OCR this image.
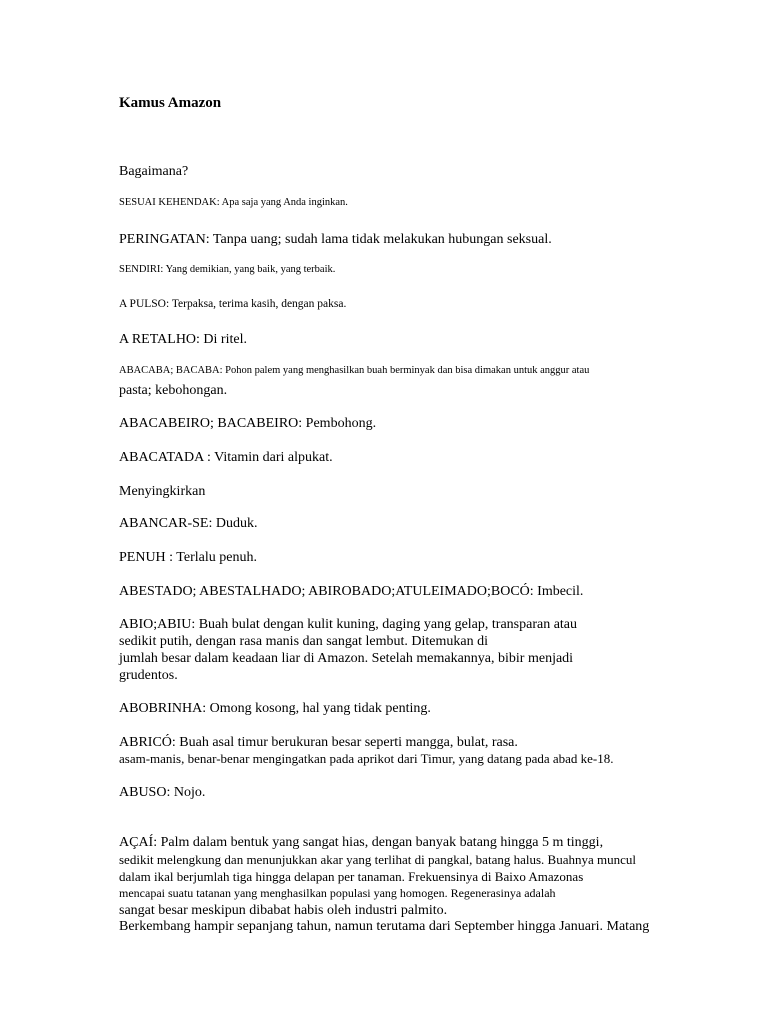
Kamus Amazon
Bagaimana?
SESUAI KEHENDAK: Apa saja yang Anda inginkan.
PERINGATAN: Tanpa uang; sudah lama tidak melakukan hubungan seksual.
SENDIRI: Yang demikian, yang baik, yang terbaik.
A PULSO: Terpaksa, terima kasih, dengan paksa.
A RETALHO: Di ritel.
ABACABA; BACABA: Pohon palem yang menghasilkan buah berminyak dan bisa dimakan untuk anggur atau
pasta; kebohongan.
ABACABEIRO; BACABEIRO: Pembohong.
ABACATADA : Vitamin dari alpukat.
Menyingkirkan
ABANCAR-SE: Duduk.
PENUH : Terlalu penuh.
ABESTADO; ABESTALHADO; ABIROBADO;ATULEIMADO;BOCÓ: Imbecil.
ABIO;ABIU: Buah bulat dengan kulit kuning, daging yang gelap, transparan atau
sedikit putih, dengan rasa manis dan sangat lembut. Ditemukan di
jumlah besar dalam keadaan liar di Amazon. Setelah memakannya, bibir menjadi
grudentos.
ABOBRINHA: Omong kosong, hal yang tidak penting.
ABRICÓ: Buah asal timur berukuran besar seperti mangga, bulat, rasa.
asam-manis, benar-benar mengingatkan pada aprikot dari Timur, yang datang pada abad ke-18.
ABUSO: Nojo.
AÇAÍ: Palm dalam bentuk yang sangat hias, dengan banyak batang hingga 5 m tinggi,
sedikit melengkung dan menunjukkan akar yang terlihat di pangkal, batang halus. Buahnya muncul
dalam ikal berjumlah tiga hingga delapan per tanaman. Frekuensinya di Baixo Amazonas
mencapai suatu tatanan yang menghasilkan populasi yang homogen. Regenerasinya adalah
sangat besar meskipun dibabat habis oleh industri palmito.
Berkembang hampir sepanjang tahun, namun terutama dari September hingga Januari. Matang
